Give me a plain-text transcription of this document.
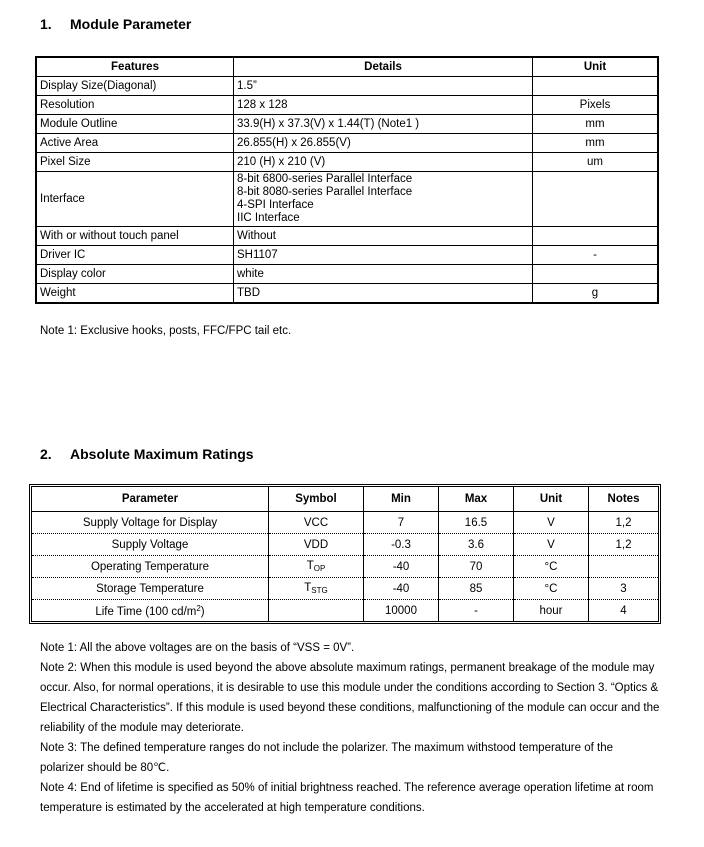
1. Module Parameter
Features	Details	Unit
Display Size(Diagonal)	1.5”	
Resolution	128 x 128	Pixels
Module Outline	33.9(H) x 37.3(V) x 1.44(T) (Note1 )	mm
Active Area	26.855(H) x 26.855(V)	mm
Pixel Size	210 (H) x 210 (V)	um
Interface	8-bit 6800-series Parallel Interface
8-bit 8080-series Parallel Interface
4-SPI Interface
IIC Interface	

With or without touch panel	Without	
Driver IC	SH1107	-
Display color	white	
Weight	TBD	g

Note 1: Exclusive hooks, posts, FFC/FPC tail etc.

2. Absolute Maximum Ratings
Parameter	Symbol	Min	Max	Unit	Notes
Supply Voltage for Display	VCC	7	16.5	V	1,2
Supply Voltage	VDD	-0.3	3.6	V	1,2
Operating Temperature	$T_{OP}$	-40	70	°C	
Storage Temperature	$T_{STG}$	-40	85	°C	3
Life Time (100 $cd/m^2$)		10000	-	hour	4

Note 1: All the above voltages are on the basis of “VSS = 0V”.

Note 2: When this module is used beyond the above absolute maximum ratings, permanent breakage of the module may occur. Also, for normal operations, it is desirable to use this module under the conditions according to Section 3. “Optics & Electrical Characteristics”. If this module is used beyond these conditions, malfunctioning of the module can occur and the reliability of the module may deteriorate.

Note 3: The defined temperature ranges do not include the polarizer. The maximum withstood temperature of the polarizer should be 80℃.

Note 4: End of lifetime is specified as 50% of initial brightness reached. The reference average operation lifetime at room temperature is estimated by the accelerated at high temperature conditions.
